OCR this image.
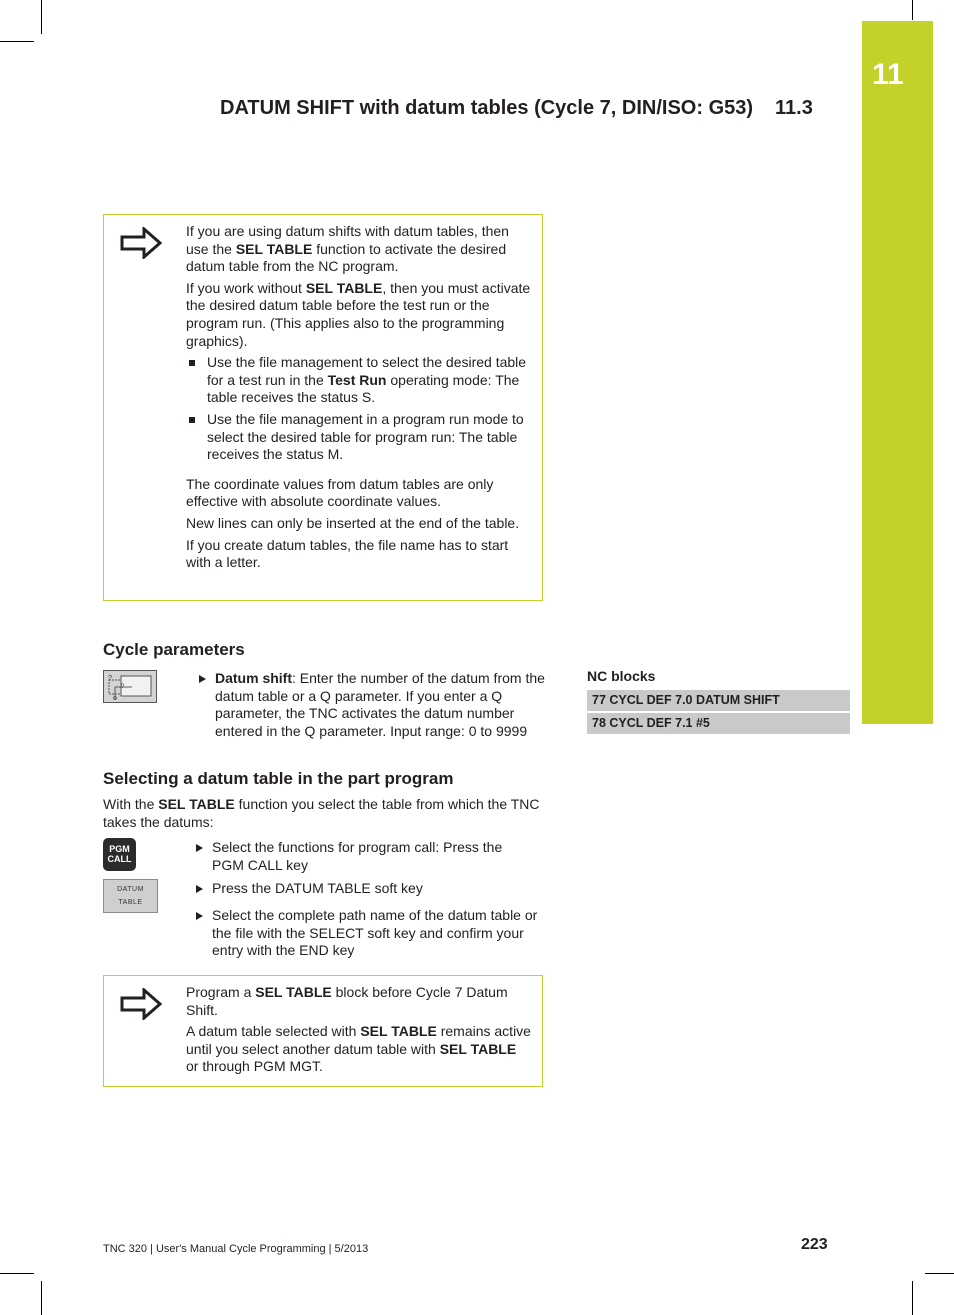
11
DATUM SHIFT with datum tables (Cycle 7, DIN/ISO: G53) 11.3

If you are using datum shifts with datum tables, then use the SEL TABLE function to activate the desired datum table from the NC program.

If you work without SEL TABLE, then you must activate the desired datum table before the test run or the program run. (This applies also to the programming graphics).

Use the file management to select the desired table for a test run in the Test Run operating mode: The table receives the status S.
Use the file management in a program run mode to select the desired table for program run: The table receives the status M.

The coordinate values from datum tables are only effective with absolute coordinate values.

New lines can only be inserted at the end of the table.

If you create datum tables, the file name has to start with a letter.

Cycle parameters
?
?
Datum shift: Enter the number of the datum from the datum table or a Q parameter. If you enter a Q parameter, the TNC activates the datum number entered in the Q parameter. Input range: 0 to 9999
NC blocks
77 CYCL DEF 7.0 DATUM SHIFT
78 CYCL DEF 7.1 #5
Selecting a datum table in the part program
With the SEL TABLE function you select the table from which the TNC takes the datums:
PGM
CALL
Select the functions for program call: Press the PGM CALL key
DATUM
TABLE
Press the DATUM TABLE soft key
Select the complete path name of the datum table or the file with the SELECT soft key and confirm your entry with the END key

Program a SEL TABLE block before Cycle 7 Datum Shift.

A datum table selected with SEL TABLE remains active until you select another datum table with SEL TABLE or through PGM MGT.

TNC 320 | User's Manual Cycle Programming | 5/2013	223
